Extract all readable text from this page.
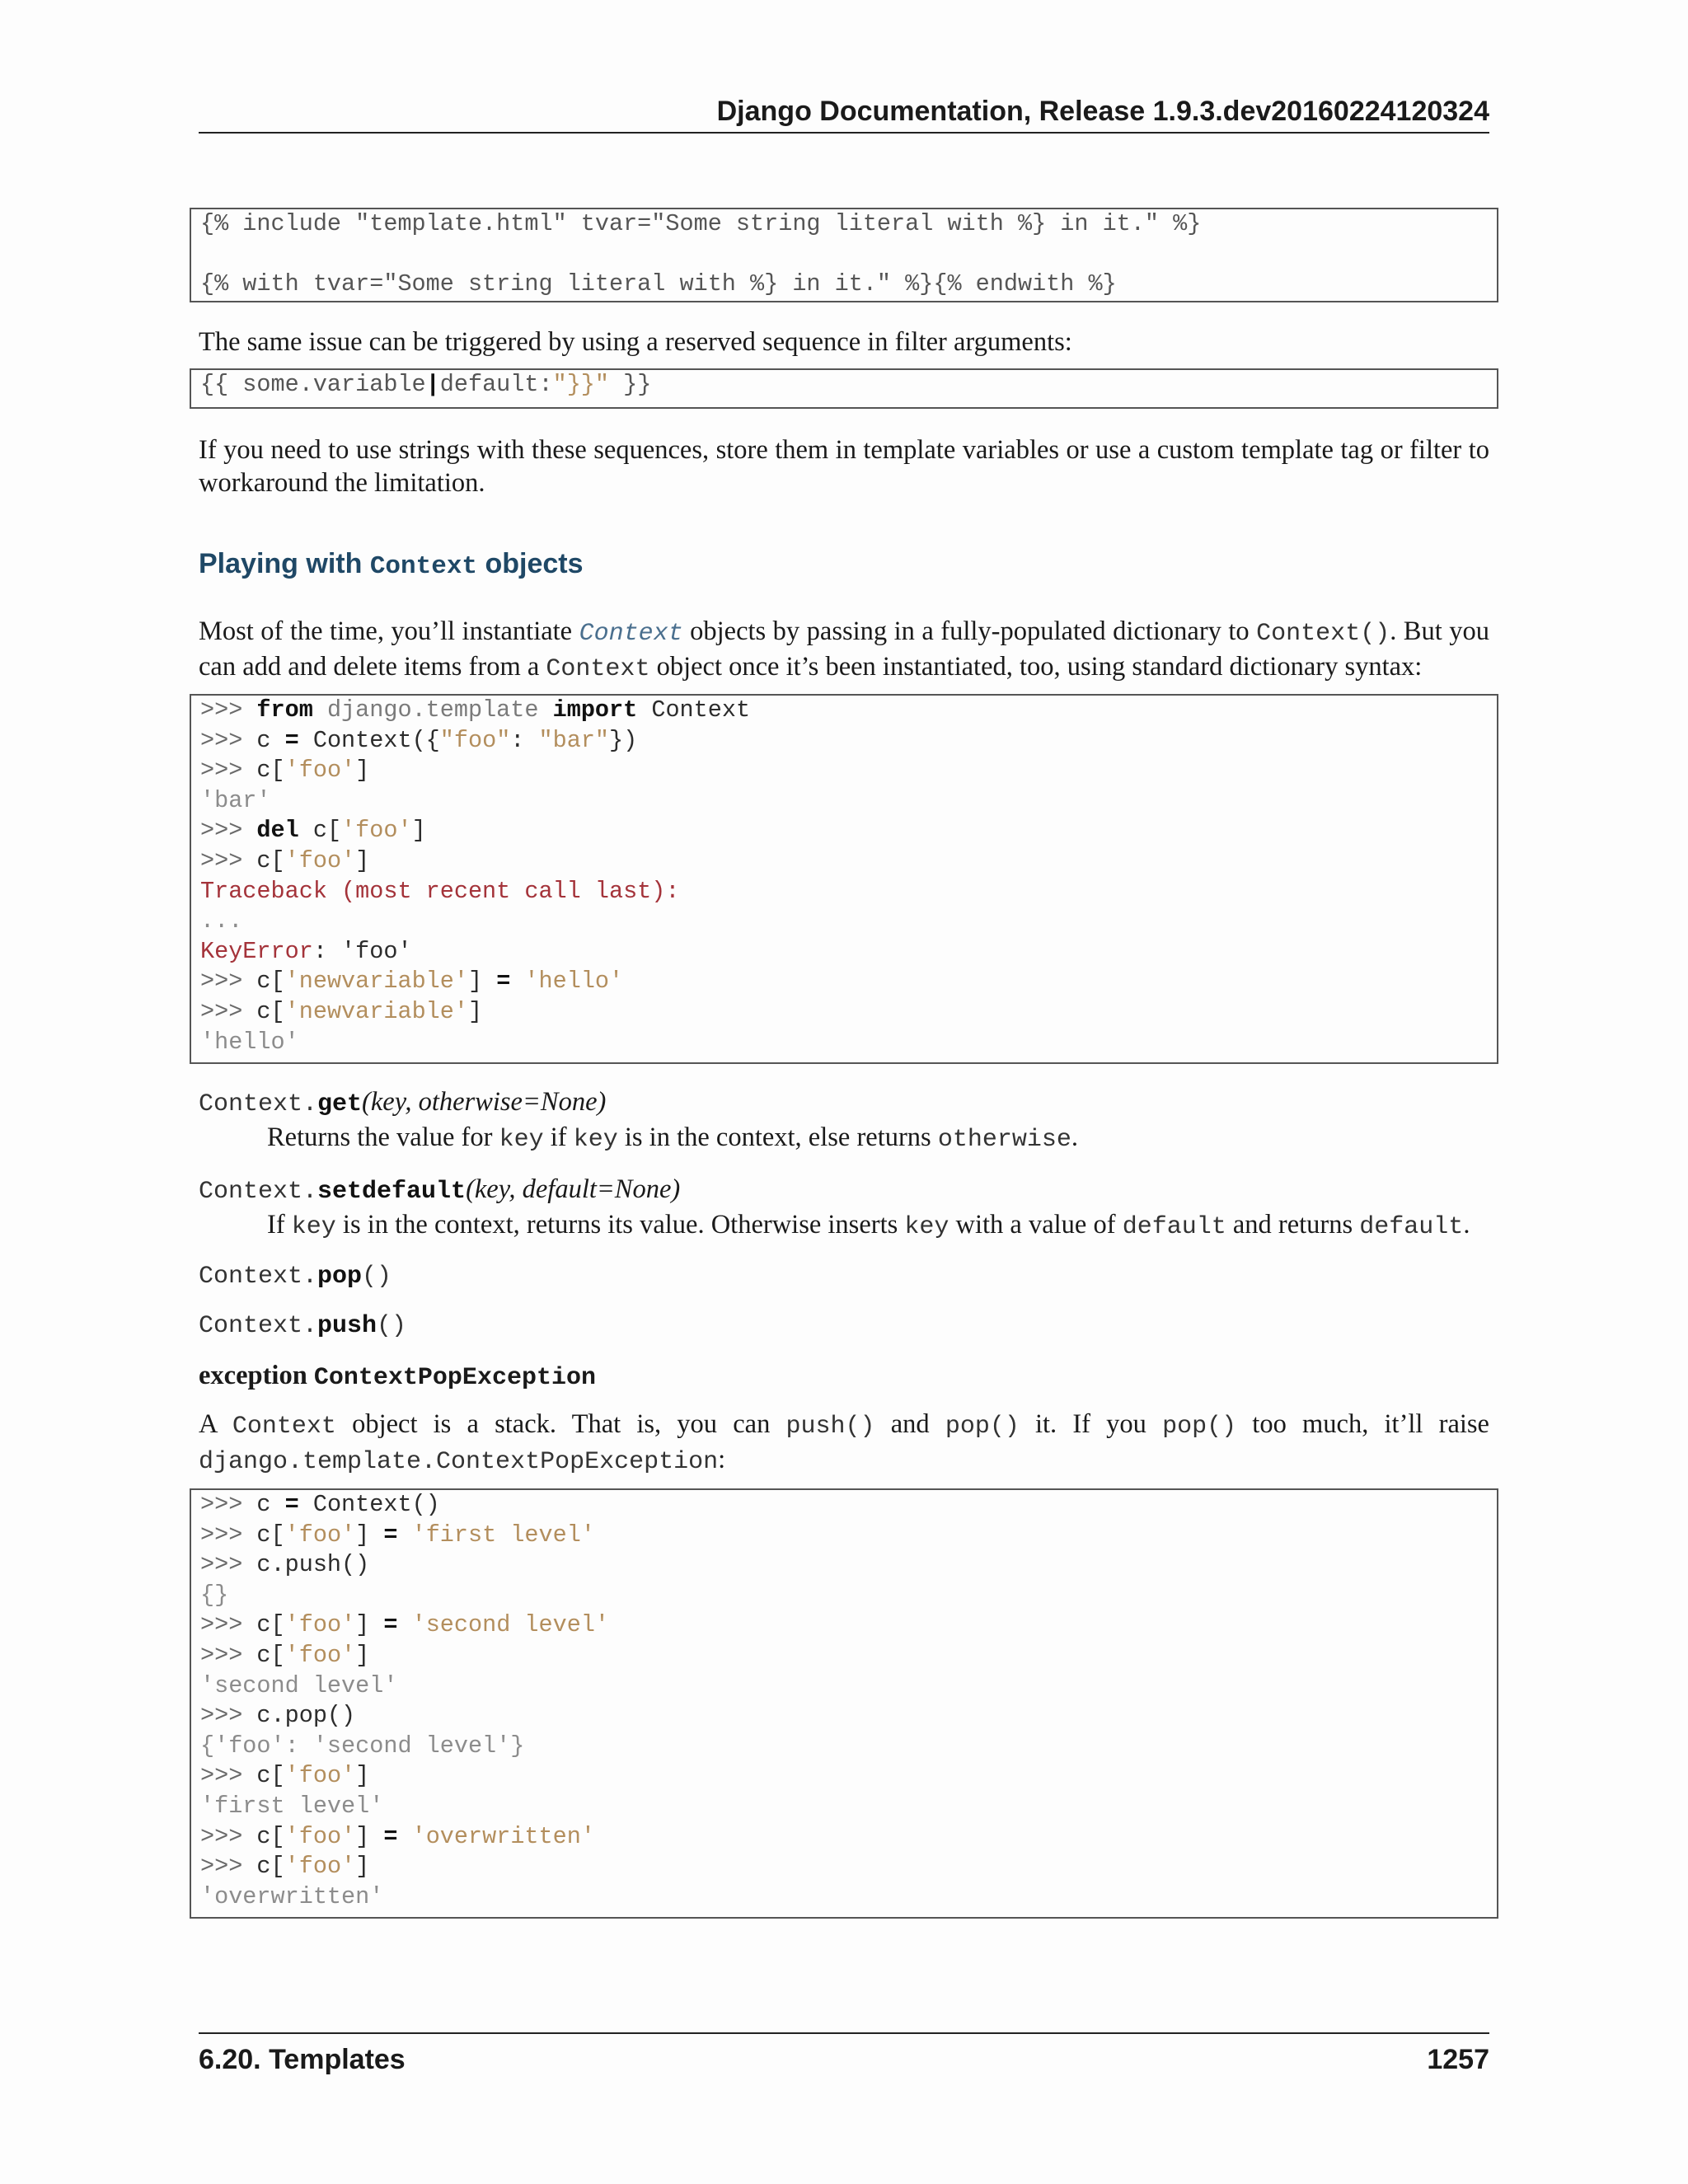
Django Documentation, Release 1.9.3.dev20160224120324
{% include "template.html" tvar="Some string literal with %} in it." %}
{% with tvar="Some string literal with %} in it." %}{% endwith %}

The same issue can be triggered by using a reserved sequence in filter arguments:

{{ some.variable|default:"}}" }}

If you need to use strings with these sequences, store them in template variables or use a custom template tag or filter to workaround the limitation.

Playing with Context objects

Most of the time, you’ll instantiate Context objects by passing in a fully-populated dictionary to Context(). But you can add and delete items from a Context object once it’s been instantiated, too, using standard dictionary syntax:

>>> from django.template import Context
>>> c = Context({"foo": "bar"})
>>> c['foo']
'bar'
>>> del c['foo']
>>> c['foo']
Traceback (most recent call last):
...
KeyError: 'foo'
>>> c['newvariable'] = 'hello'
>>> c['newvariable']
'hello'
Context.get(key, otherwise=None)
Returns the value for key if key is in the context, else returns otherwise.
Context.setdefault(key, default=None)
If key is in the context, returns its value. Otherwise inserts key with a value of default and returns default.
Context.pop()
Context.push()
exception ContextPopException

A Context object is a stack. That is, you can push() and pop() it. If you pop() too much, it’ll raise django.template.ContextPopException:

>>> c = Context()
>>> c['foo'] = 'first level'
>>> c.push()
{}
>>> c['foo'] = 'second level'
>>> c['foo']
'second level'
>>> c.pop()
{'foo': 'second level'}
>>> c['foo']
'first level'
>>> c['foo'] = 'overwritten'
>>> c['foo']
'overwritten'
6.20. Templates	1257
